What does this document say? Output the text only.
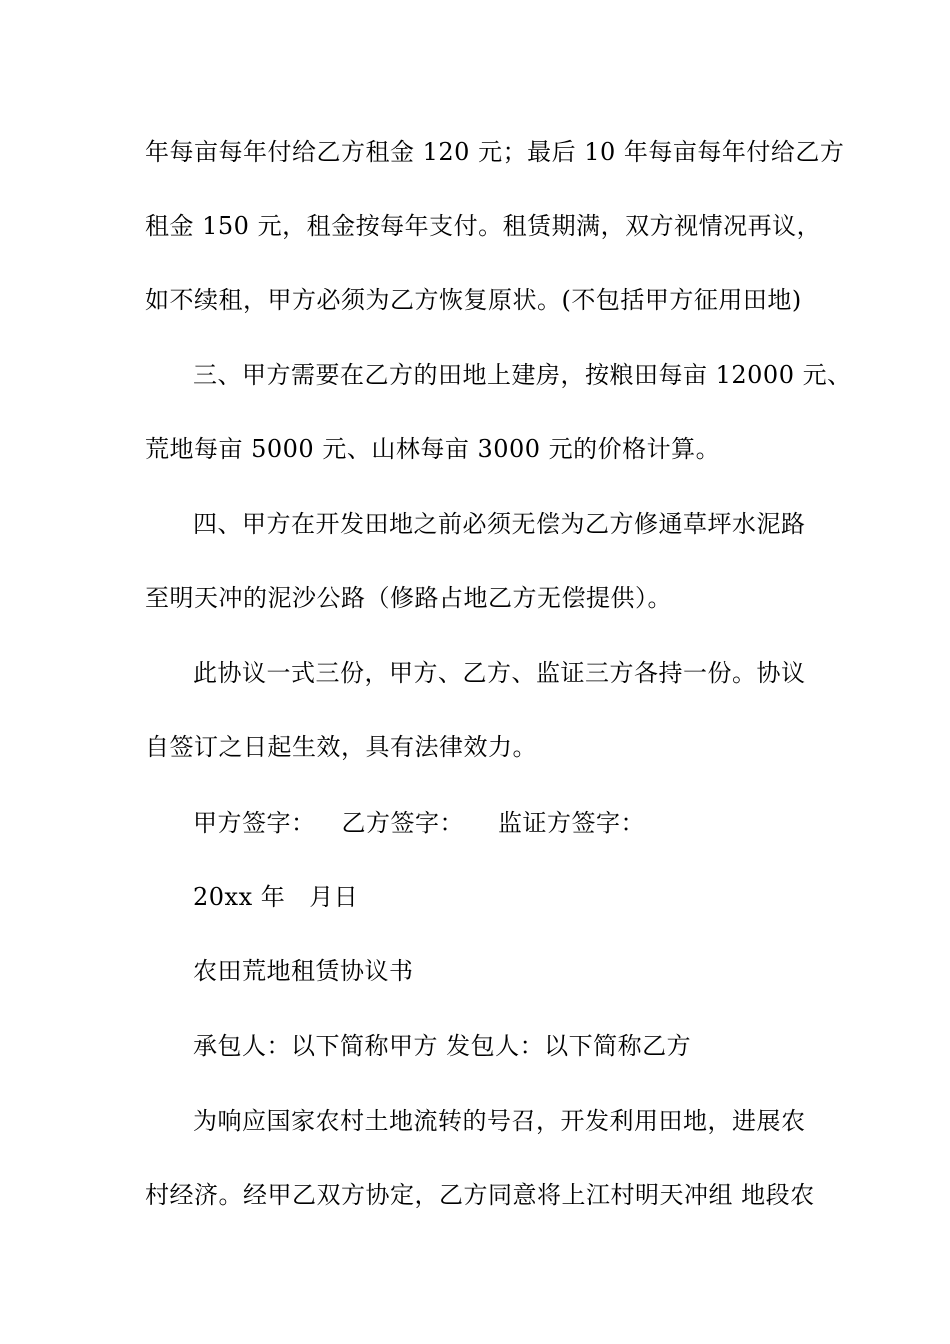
年每亩每年付给乙方租金 120 元；最后 10 年每亩每年付给乙方
租金 150 元，租金按每年支付。租赁期满，双方视情况再议，
如不续租，甲方必须为乙方恢复原状。(不包括甲方征用田地)
三、甲方需要在乙方的田地上建房，按粮田每亩 12000 元、
荒地每亩 5000 元、山林每亩 3000 元的价格计算。
四、甲方在开发田地之前必须无偿为乙方修通草坪水泥路
至明天冲的泥沙公路（修路占地乙方无偿提供）。
此协议一式三份，甲方、乙方、监证三方各持一份。协议
自签订之日起生效，具有法律效力。
甲方签字： 乙方签字： 监证方签字：
20xx 年 月日
农田荒地租赁协议书
承包人：以下简称甲方 发包人：以下简称乙方
为响应国家农村土地流转的号召，开发利用田地，进展农
村经济。经甲乙双方协定，乙方同意将上江村明天冲组 地段农
